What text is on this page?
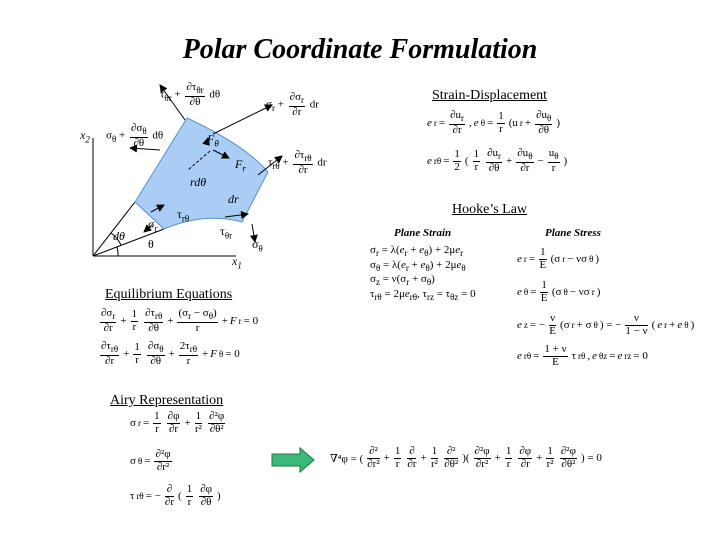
Polar Coordinate Formulation
$x_2$
$x_1$
θ
dθ
rdθ
dr
$F_\theta$
$F_r$
$\tau_{r\theta}$
$\sigma_r$	$\tau_{\theta r}$
$\sigma_\theta$
$\tau_{\theta r} + \frac{\partial\tau_{\theta r}}{\partial\theta}$ dθ
$\sigma_r + \frac{\partial\sigma_r}{\partial r}$ dr
$\sigma_\theta + \frac{\partial\sigma_\theta}{\partial\theta}$ dθ
$\tau_{r\theta} + \frac{\partial\tau_{r\theta}}{\partial r}$ dr
Strain-Displacement
Hooke’s Law
Equilibrium Equations
Airy Representation
e $r = \frac{\partial u_r}{\partial r}$ , e $\theta = \frac{1}{r} (u$ $r + \frac{\partial u_\theta}{\partial\theta}$ )
e $r\theta = \frac{1}{2}$ ( $\frac{1}{r} \frac{\partial u_r}{\partial\theta} + \frac{\partial u_\theta}{\partial r} - \frac{u_\theta}{r}$ )
Plane Strain	Plane Stress
$\sigma_r = \lambda(e_r + e_\theta) + 2\mu e_r$
$\sigma_\theta = \lambda(e_r + e_\theta) + 2\mu e_\theta$
$\sigma_z = \nu(\sigma_r + \sigma_\theta)$
$\tau_{r\theta} = 2\mu e_{r\theta}$, $\tau_{rz} = \tau_{\theta z} = 0$
e $r = \frac{1}{E} (\sigma$ r − νσ θ )
e $\theta = \frac{1}{E} (\sigma$ θ − νσ r )
e z = − $\frac{\nu}{E} (\sigma$ r + σ θ ) = − $\frac{\nu}{1 - \nu}$ ( e r + e θ )
e $r\theta = \frac{1 + \nu}{E}$ τ rθ , e θz = e rz = 0
$\frac{\partial\sigma_r}{\partial r} + \frac{1}{r} \frac{\partial\tau_{r\theta}}{\partial\theta} + \frac{(\sigma_r - \sigma_\theta)}{r} + F$ r = 0
$\frac{\partial\tau_{r\theta}}{\partial r} + \frac{1}{r} \frac{\partial\sigma_\theta}{\partial\theta} + \frac{2\tau_{r\theta}}{r} + F$ θ = 0
σ $r = \frac{1}{r} \frac{\partial\varphi}{\partial r} + \frac{1}{\text{r²}} \frac{\text{∂²φ}}{\text{∂θ²}}$
σ $\theta = \frac{\text{∂²φ}}{\text{∂r²}}$
τ rθ = − $\frac{\partial}{\partial r}$ ( $\frac{1}{r} \frac{\partial\varphi}{\partial\theta}$ )
∇⁴φ = ( $\frac{\text{∂²}}{\text{∂r²}} + \frac{1}{r} \frac{\partial}{\partial r} + \frac{1}{\text{r²}} \frac{\text{∂²}}{\text{∂θ²}}$ )( $\frac{\text{∂²φ}}{\text{∂r²}} + \frac{1}{r} \frac{\partial\varphi}{\partial r} + \frac{1}{\text{r²}} \frac{\text{∂²φ}}{\text{∂θ²}}$ ) = 0
